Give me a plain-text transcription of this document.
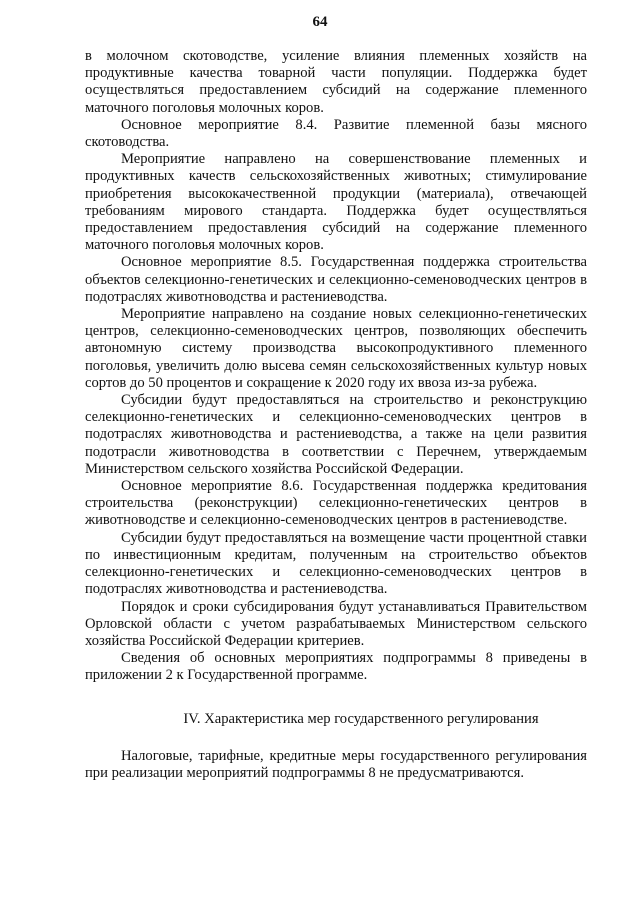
64

в молочном скотоводстве, усиление влияния племенных хозяйств на продуктивные качества товарной части популяции. Поддержка будет осуществляться предоставлением субсидий на содержание племенного маточного поголовья молочных коров.

Основное мероприятие 8.4. Развитие племенной базы мясного скотоводства.

Мероприятие направлено на совершенствование племенных и продуктивных качеств сельскохозяйственных животных; стимулирование приобретения высококачественной продукции (материала), отвечающей требованиям мирового стандарта. Поддержка будет осуществляться предоставлением предоставления субсидий на содержание племенного маточного поголовья молочных коров.

Основное мероприятие 8.5. Государственная поддержка строительства объектов селекционно-генетических и селекционно-семеноводческих центров в подотраслях животноводства и растениеводства.

Мероприятие направлено на создание новых селекционно-генетических центров, селекционно-семеноводческих центров, позволяющих обеспечить автономную систему производства высокопродуктивного племенного поголовья, увеличить долю высева семян сельскохозяйственных культур новых сортов до 50 процентов и сокращение к 2020 году их ввоза из-за рубежа.

Субсидии будут предоставляться на строительство и реконструкцию селекционно-генетических и селекционно-семеноводческих центров в подотраслях животноводства и растениеводства, а также на цели развития подотрасли животноводства в соответствии с Перечнем, утверждаемым Министерством сельского хозяйства Российской Федерации.

Основное мероприятие 8.6. Государственная поддержка кредитования строительства (реконструкции) селекционно-генетических центров в животноводстве и селекционно-семеноводческих центров в растениеводстве.

Субсидии будут предоставляться на возмещение части процентной ставки по инвестиционным кредитам, полученным на строительство объектов селекционно-генетических и селекционно-семеноводческих центров в подотраслях животноводства и растениеводства.

Порядок и сроки субсидирования будут устанавливаться Правительством Орловской области с учетом разрабатываемых Министерством сельского хозяйства Российской Федерации критериев.

Сведения об основных мероприятиях подпрограммы 8 приведены в приложении 2 к Государственной программе.

IV. Характеристика мер государственного регулирования

Налоговые, тарифные, кредитные меры государственного регулирования при реализации мероприятий подпрограммы 8 не предусматриваются.
